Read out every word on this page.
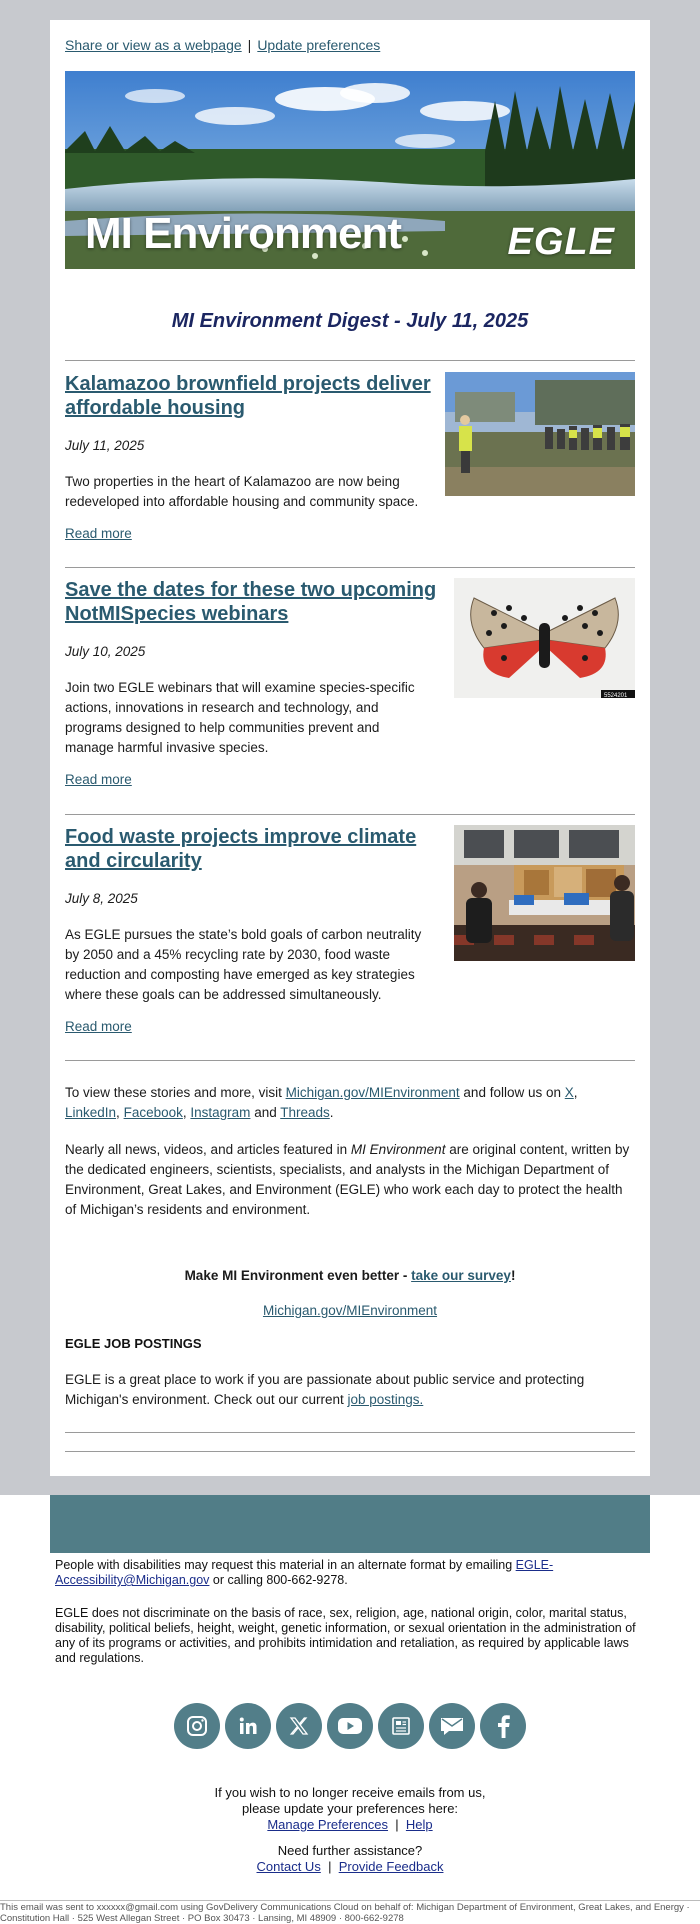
Share or view as a webpage | Update preferences
MI Environment	EGLE
MI Environment Digest - July 11, 2025
Kalamazoo brownfield projects deliver affordable housing
July 11, 2025
Two properties in the heart of Kalamazoo are now being redeveloped into affordable housing and community space.
Read more
Save the dates for these two upcoming NotMISpecies webinars
July 10, 2025
Join two EGLE webinars that will examine species-specific actions, innovations in research and technology, and programs designed to help communities prevent and manage harmful invasive species.
Read more
5524201
Food waste projects improve climate and circularity
July 8, 2025
As EGLE pursues the state’s bold goals of carbon neutrality by 2050 and a 45% recycling rate by 2030, food waste reduction and composting have emerged as key strategies where these goals can be addressed simultaneously.
Read more
To view these stories and more, visit Michigan.gov/MIEnvironment and follow us on X, LinkedIn, Facebook, Instagram and Threads.
Nearly all news, videos, and articles featured in MI Environment are original content, written by the dedicated engineers, scientists, specialists, and analysts in the Michigan Department of Environment, Great Lakes, and Environment (EGLE) who work each day to protect the health of Michigan’s residents and environment.
Make MI Environment even better - take our survey!
Michigan.gov/MIEnvironment
EGLE JOB POSTINGS
EGLE is a great place to work if you are passionate about public service and protecting Michigan's environment. Check out our current job postings.
People with disabilities may request this material in an alternate format by emailing EGLE-Accessibility@Michigan.gov or calling 800-662-9278.
EGLE does not discriminate on the basis of race, sex, religion, age, national origin, color, marital status, disability, political beliefs, height, weight, genetic information, or sexual orientation in the administration of any of its programs or activities, and prohibits intimidation and retaliation, as required by applicable laws and regulations.
If you wish to no longer receive emails from us,
please update your preferences here:
Manage Preferences | Help
Need further assistance?
Contact Us | Provide Feedback
This email was sent to xxxxxx@gmail.com using GovDelivery Communications Cloud on behalf of: Michigan Department of Environment, Great Lakes, and Energy · Constitution Hall · 525 West Allegan Street · PO Box 30473 · Lansing, MI 48909 · 800-662-9278
